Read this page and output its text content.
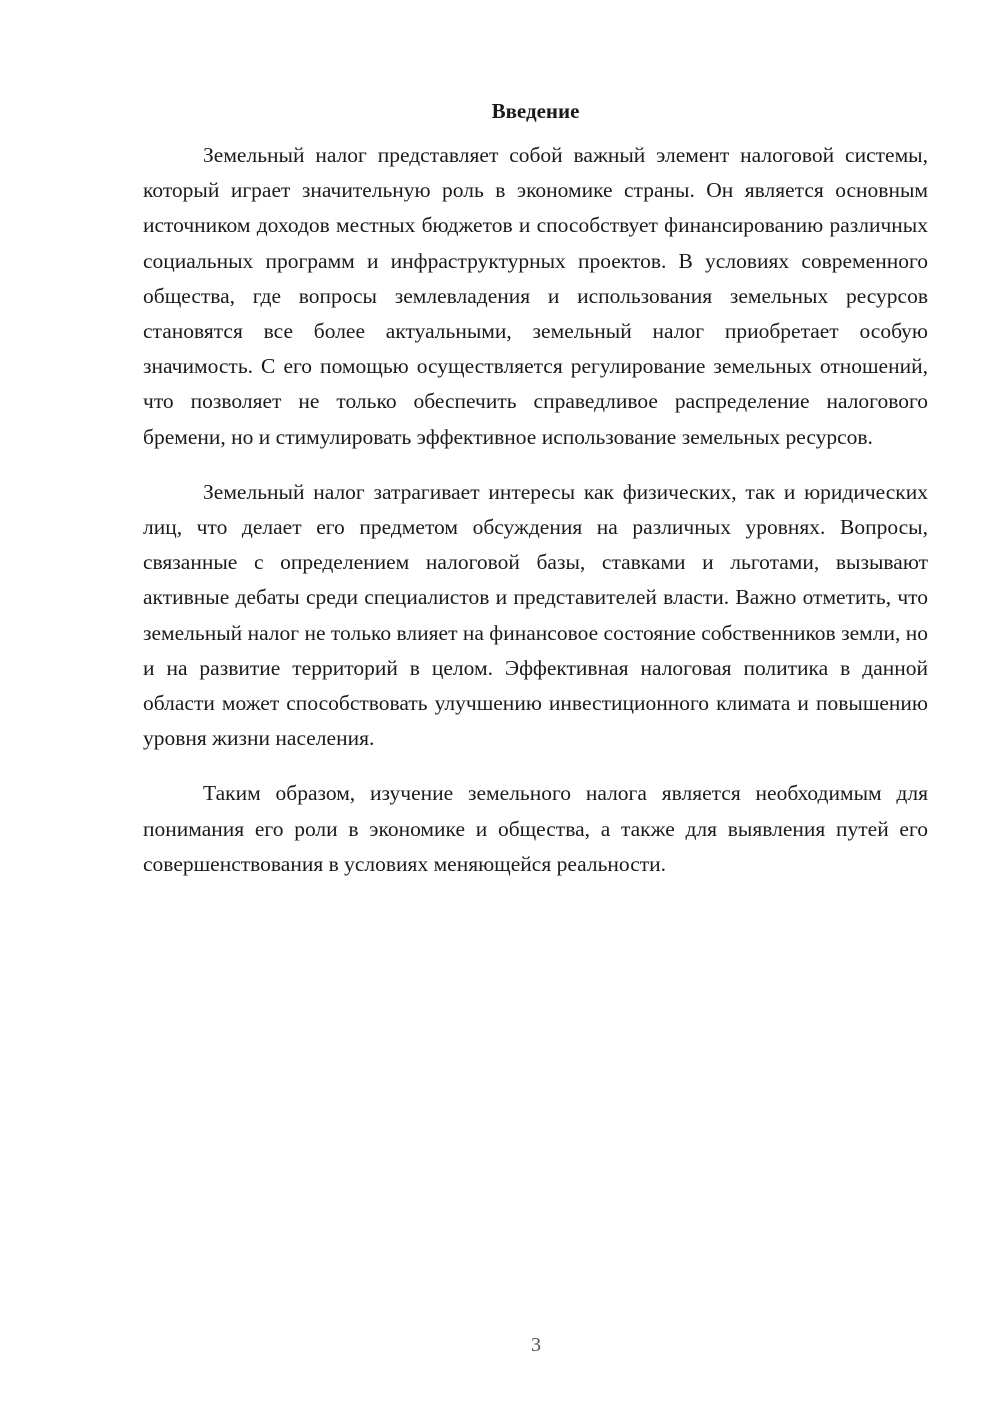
Введение

Земельный налог представляет собой важный элемент налоговой системы, который играет значительную роль в экономике страны. Он является основным источником доходов местных бюджетов и способствует финансированию различных социальных программ и инфраструктурных проектов. В условиях современного общества, где вопросы землевладения и использования земельных ресурсов становятся все более актуальными, земельный налог приобретает особую значимость. С его помощью осуществляется регулирование земельных отношений, что позволяет не только обеспечить справедливое распределение налогового бремени, но и стимулировать эффективное использование земельных ресурсов.

Земельный налог затрагивает интересы как физических, так и юридических лиц, что делает его предметом обсуждения на различных уровнях. Вопросы, связанные с определением налоговой базы, ставками и льготами, вызывают активные дебаты среди специалистов и представителей власти. Важно отметить, что земельный налог не только влияет на финансовое состояние собственников земли, но и на развитие территорий в целом. Эффективная налоговая политика в данной области может способствовать улучшению инвестиционного климата и повышению уровня жизни населения.

Таким образом, изучение земельного налога является необходимым для понимания его роли в экономике и общества, а также для выявления путей его совершенствования в условиях меняющейся реальности.

3
